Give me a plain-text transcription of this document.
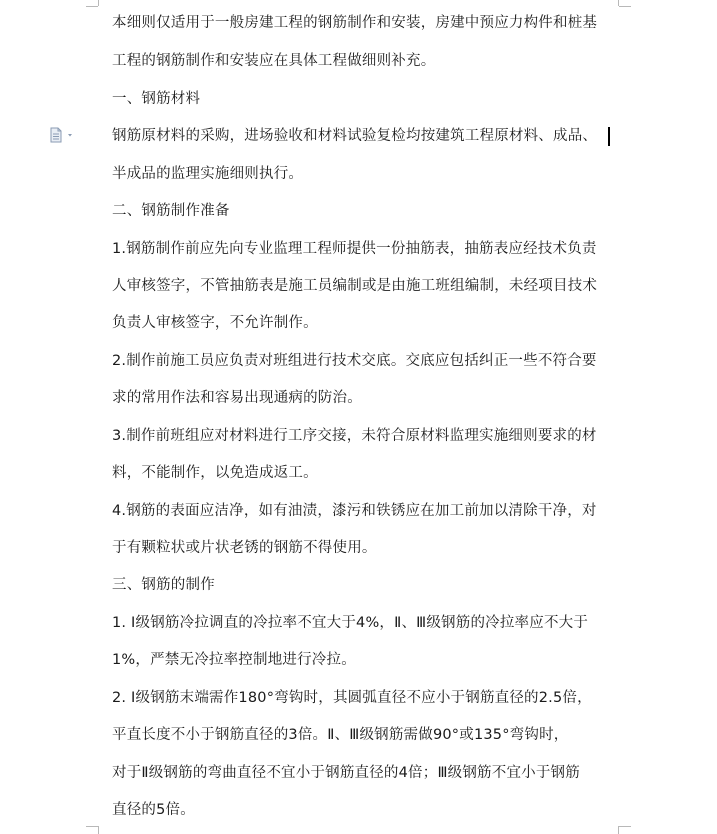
本细则仅适用于一般房建工程的钢筋制作和安装，房建中预应力构件和桩基

工程的钢筋制作和安装应在具体工程做细则补充。

一、钢筋材料

钢筋原材料的采购，进场验收和材料试验复检均按建筑工程原材料、成品、

半成品的监理实施细则执行。

二、钢筋制作准备

1.钢筋制作前应先向专业监理工程师提供一份抽筋表，抽筋表应经技术负责

人审核签字，不管抽筋表是施工员编制或是由施工班组编制，未经项目技术

负责人审核签字，不允许制作。

2.制作前施工员应负责对班组进行技术交底。交底应包括纠正一些不符合要

求的常用作法和容易出现通病的防治。

3.制作前班组应对材料进行工序交接，未符合原材料监理实施细则要求的材

料，不能制作，以免造成返工。

4.钢筋的表面应洁净，如有油渍，漆污和铁锈应在加工前加以清除干净，对

于有颗粒状或片状老锈的钢筋不得使用。

三、钢筋的制作

1. Ⅰ级钢筋冷拉调直的冷拉率不宜大于4%，Ⅱ、Ⅲ级钢筋的冷拉率应不大于

1%，严禁无冷拉率控制地进行冷拉。

2. Ⅰ级钢筋末端需作180°弯钩时，其圆弧直径不应小于钢筋直径的2.5倍，

平直长度不小于钢筋直径的3倍。Ⅱ、Ⅲ级钢筋需做90°或135°弯钩时，

对于Ⅱ级钢筋的弯曲直径不宜小于钢筋直径的4倍；Ⅲ级钢筋不宜小于钢筋

直径的5倍。
